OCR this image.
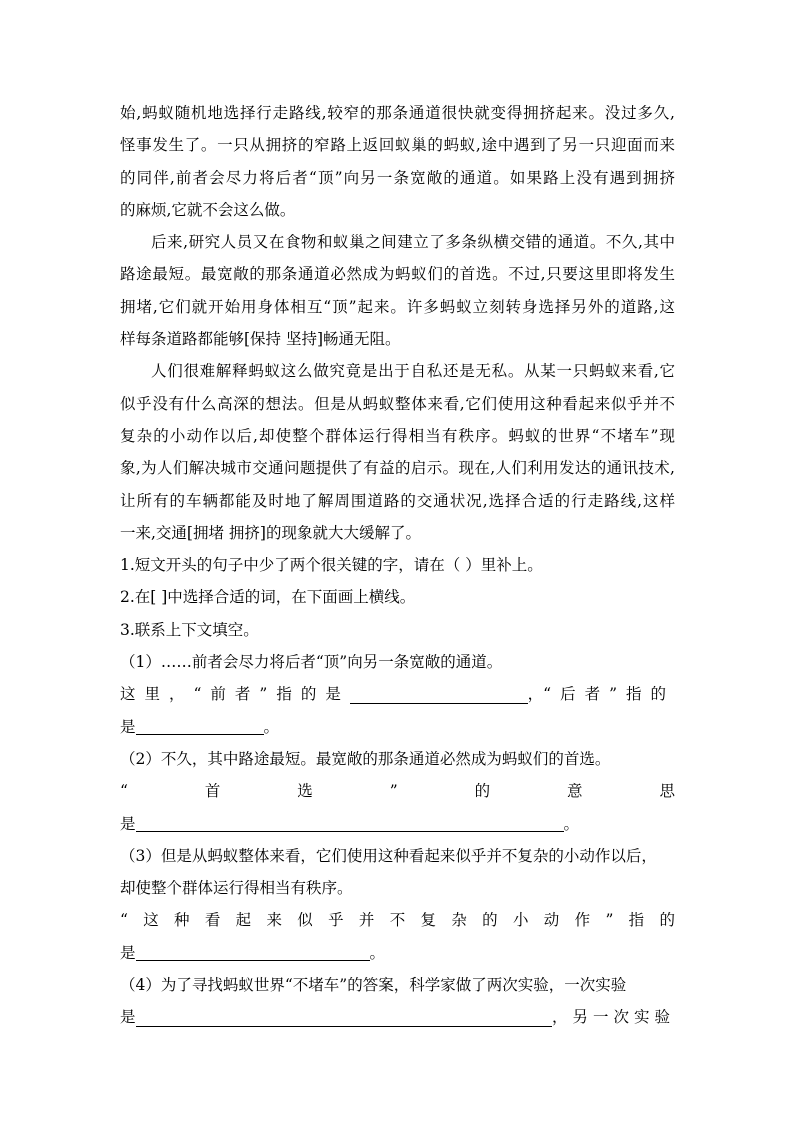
始,蚂蚁随机地选择行走路线,较窄的那条通道很快就变得拥挤起来。没过多久,
怪事发生了。一只从拥挤的窄路上返回蚁巢的蚂蚁,途中遇到了另一只迎面而来
的同伴,前者会尽力将后者“顶”向另一条宽敞的通道。如果路上没有遇到拥挤
的麻烦,它就不会这么做。
后来,研究人员又在食物和蚁巢之间建立了多条纵横交错的通道。不久,其中
路途最短。最宽敞的那条通道必然成为蚂蚁们的首选。不过,只要这里即将发生
拥堵,它们就开始用身体相互“顶”起来。许多蚂蚁立刻转身选择另外的道路,这
样每条道路都能够[保持 坚持]畅通无阻。
人们很难解释蚂蚁这么做究竟是出于自私还是无私。从某一只蚂蚁来看,它
似乎没有什么高深的想法。但是从蚂蚁整体来看,它们使用这种看起来似乎并不
复杂的小动作以后,却使整个群体运行得相当有秩序。蚂蚁的世界“不堵车”现
象,为人们解决城市交通问题提供了有益的启示。现在,人们利用发达的通讯技术,
让所有的车辆都能及时地了解周围道路的交通状况,选择合适的行走路线,这样
一来,交通[拥堵 拥挤]的现象就大大缓解了。
1.短文开头的句子中少了两个很关键的字，请在（ ）里补上。
2.在[ ]中选择合适的词，在下面画上横线。
3.联系上下文填空。
（1）……前者会尽力将后者“顶”向另一条宽敞的通道。
这里，“前者”指的是	， “后者”指的
是	。
（2）不久，其中路途最短。最宽敞的那条通道必然成为蚂蚁们的首选。
“	首	选	”	的	意	思
是	。
（3）但是从蚂蚁整体来看，它们使用这种看起来似乎并不复杂的小动作以后，
却使整个群体运行得相当有秩序。
“这种看起来似乎并不复杂的小动作”指的
是	。
（4）为了寻找蚂蚁世界“不堵车”的答案，科学家做了两次实验，一次实验
是	，另一次实验
